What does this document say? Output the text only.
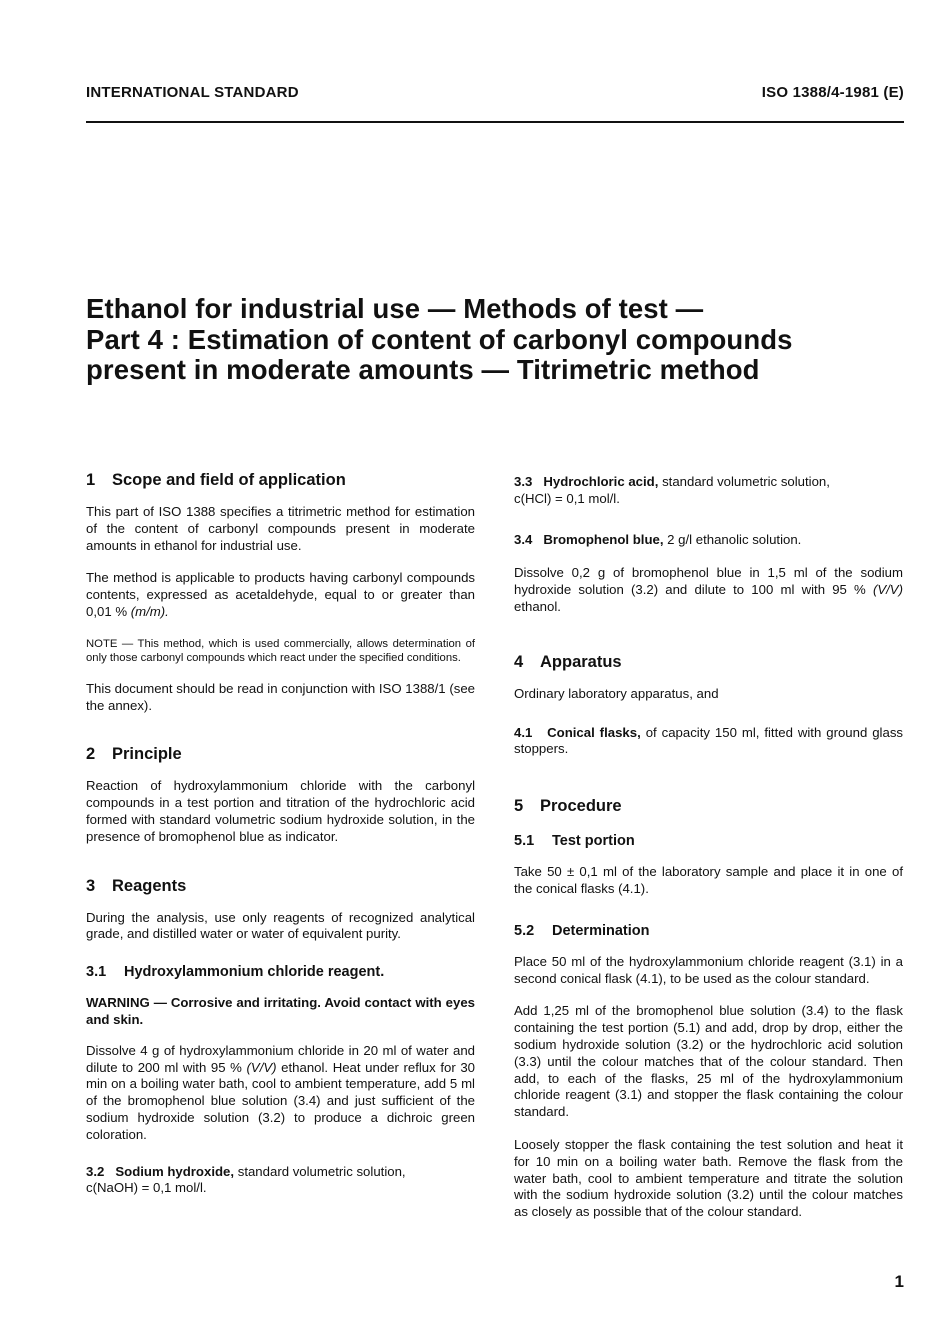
INTERNATIONAL STANDARD	ISO 1388/4-1981 (E)
Ethanol for industrial use — Methods of test —
Part 4 : Estimation of content of carbonyl compounds
present in moderate amounts — Titrimetric method
1 Scope and field of application

This part of ISO 1388 specifies a titrimetric method for estimation of the content of carbonyl compounds present in moderate amounts in ethanol for industrial use.

The method is applicable to products having carbonyl compounds contents, expressed as acetaldehyde, equal to or greater than 0,01 % (m/m).

NOTE — This method, which is used commercially, allows determination of only those carbonyl compounds which react under the specified conditions.

This document should be read in conjunction with ISO 1388/1 (see the annex).

2 Principle

Reaction of hydroxylammonium chloride with the carbonyl compounds in a test portion and titration of the hydrochloric acid formed with standard volumetric sodium hydroxide solution, in the presence of bromophenol blue as indicator.

3 Reagents

During the analysis, use only reagents of recognized analytical grade, and distilled water or water of equivalent purity.

3.1 Hydroxylammonium chloride reagent.

WARNING — Corrosive and irritating. Avoid contact with eyes and skin.

Dissolve 4 g of hydroxylammonium chloride in 20 ml of water and dilute to 200 ml with 95 % (V/V) ethanol. Heat under reflux for 30 min on a boiling water bath, cool to ambient temperature, add 5 ml of the bromophenol blue solution (3.4) and just sufficient of the sodium hydroxide solution (3.2) to produce a dichroic green coloration.

3.2 Sodium hydroxide, standard volumetric solution,
c(NaOH) = 0,1 mol/l.

3.3 Hydrochloric acid, standard volumetric solution,
c(HCl) = 0,1 mol/l.

3.4 Bromophenol blue, 2 g/l ethanolic solution.

Dissolve 0,2 g of bromophenol blue in 1,5 ml of the sodium hydroxide solution (3.2) and dilute to 100 ml with 95 % (V/V) ethanol.

4 Apparatus

Ordinary laboratory apparatus, and

4.1 Conical flasks, of capacity 150 ml, fitted with ground glass stoppers.

5 Procedure
5.1 Test portion

Take 50 ± 0,1 ml of the laboratory sample and place it in one of the conical flasks (4.1).

5.2 Determination

Place 50 ml of the hydroxylammonium chloride reagent (3.1) in a second conical flask (4.1), to be used as the colour standard.

Add 1,25 ml of the bromophenol blue solution (3.4) to the flask containing the test portion (5.1) and add, drop by drop, either the sodium hydroxide solution (3.2) or the hydrochloric acid solution (3.3) until the colour matches that of the colour standard. Then add, to each of the flasks, 25 ml of the hydroxylammonium chloride reagent (3.1) and stopper the flask containing the colour standard.

Loosely stopper the flask containing the test solution and heat it for 10 min on a boiling water bath. Remove the flask from the water bath, cool to ambient temperature and titrate the solution with the sodium hydroxide solution (3.2) until the colour matches as closely as possible that of the colour standard.

1
